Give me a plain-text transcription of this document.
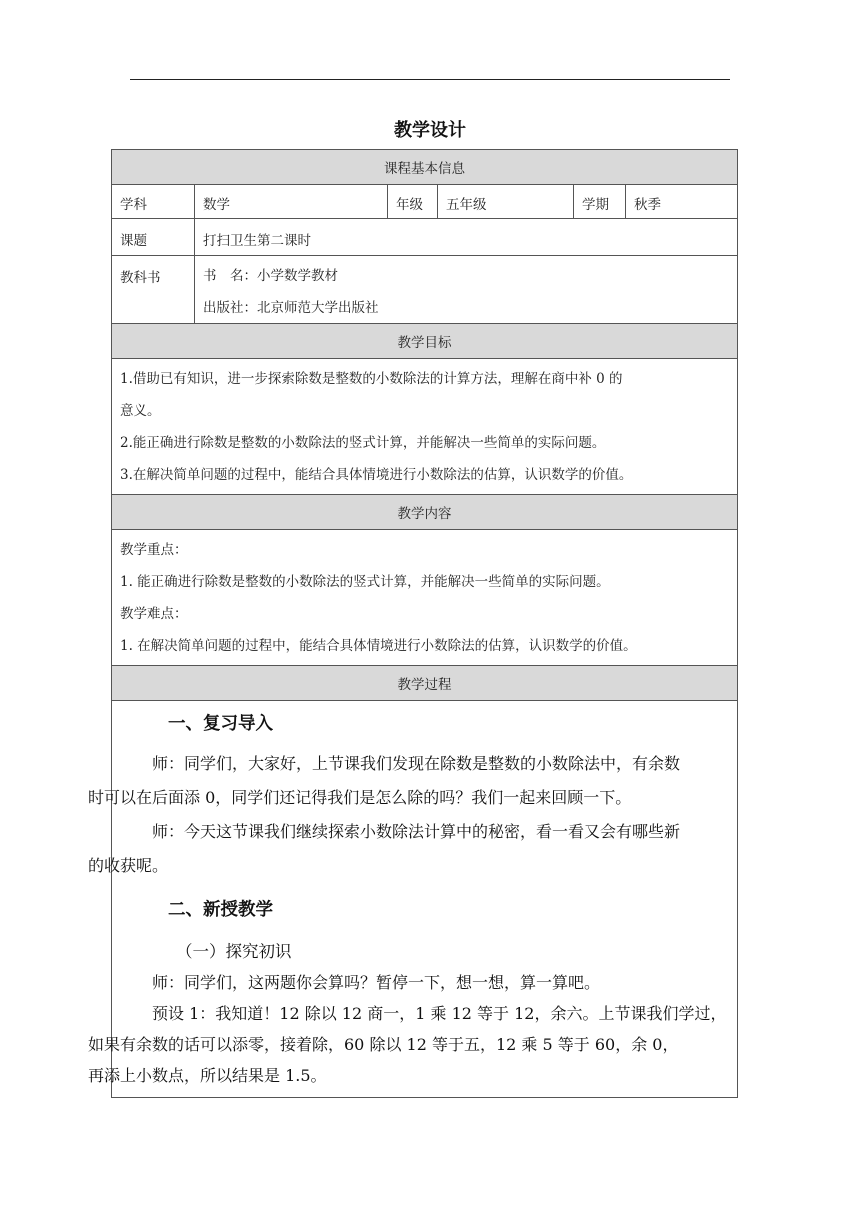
教学设计
课程基本信息
学科	数学	年级	五年级	学期	秋季
课题	打扫卫生第二课时
教科书	书　名：小学数学教材
出版社：北京师范大学出版社
教学目标
1.借助已有知识，进一步探索除数是整数的小数除法的计算方法，理解在商中补 0 的
意义。
2.能正确进行除数是整数的小数除法的竖式计算，并能解决一些简单的实际问题。
3.在解决简单问题的过程中，能结合具体情境进行小数除法的估算，认识数学的价值。
教学内容
教学重点：
1. 能正确进行除数是整数的小数除法的竖式计算，并能解决一些简单的实际问题。
教学难点：
1. 在解决简单问题的过程中，能结合具体情境进行小数除法的估算，认识数学的价值。
教学过程
一、复习导入

师：同学们，大家好，上节课我们发现在除数是整数的小数除法中，有余数
时可以在后面添 0，同学们还记得我们是怎么除的吗？我们一起来回顾一下。

师：今天这节课我们继续探索小数除法计算中的秘密，看一看又会有哪些新
的收获呢。

二、新授教学
（一）探究初识

师：同学们，这两题你会算吗？暂停一下，想一想，算一算吧。

预设 1：我知道！12 除以 12 商一，1 乘 12 等于 12，余六。上节课我们学过，
如果有余数的话可以添零，接着除，60 除以 12 等于五，12 乘 5 等于 60，余 0，
再添上小数点，所以结果是 1.5。
